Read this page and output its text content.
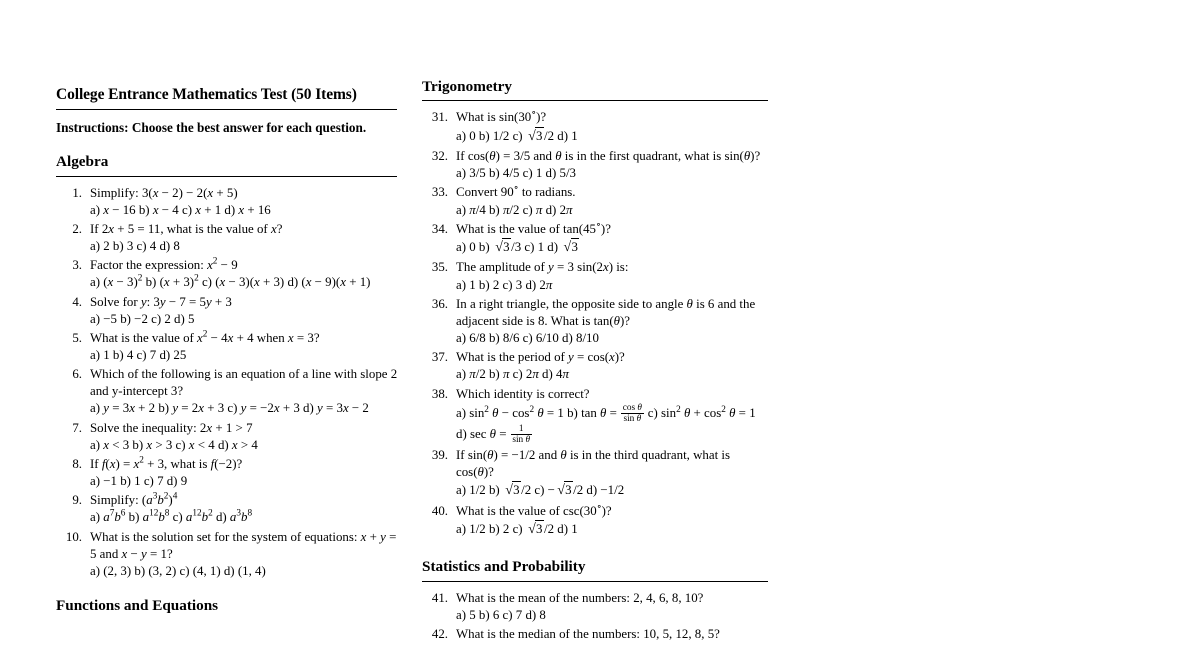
College Entrance Mathematics Test (50 Items)

Instructions: Choose the best answer for each question.

Algebra
1. Simplify: 3(x − 2) − 2(x + 5)
a) x − 16 b) x − 4 c) x + 1 d) x + 16
2. If 2x + 5 = 11, what is the value of x?
a) 2 b) 3 c) 4 d) 8
3. Factor the expression: $x^2 - 9$
a) $(x - 3)^2$ b) $(x + 3)^2$ c) (x − 3)(x + 3) d) (x − 9)(x + 1)
4. Solve for y: 3y − 7 = 5y + 3
a) −5 b) −2 c) 2 d) 5
5. What is the value of $x^2 - 4x + 4$ when x = 3?
a) 1 b) 4 c) 7 d) 25
6. Which of the following is an equation of a line with slope 2 and y-intercept 3?
a) y = 3x + 2 b) y = 2x + 3 c) y = −2x + 3 d) y = 3x − 2
7. Solve the inequality: 2x + 1 > 7
a) x < 3 b) x > 3 c) x < 4 d) x > 4
8. If $f(x) = x^2 + 3$, what is f(−2)?
a) −1 b) 1 c) 7 d) 9
9. Simplify: $(a^3b^2)^4$
a) $a^7b^6$ b) $a^{12}b^8$ c) $a^{12}b^2$ d) $a^3b^8$
10. What is the solution set for the system of equations: x + y = 5 and x − y = 1?
a) (2, 3) b) (3, 2) c) (4, 1) d) (1, 4)
Functions and Equations
Trigonometry
31. What is sin(30∘)?
a) 0 b) 1/2 c) √3 /2 d) 1
32. If cos(θ) = 3/5 and θ is in the first quadrant, what is sin(θ)?
a) 3/5 b) 4/5 c) 1 d) 5/3
33. Convert 90∘ to radians.
a) π/4 b) π/2 c) π d) 2π
34. What is the value of tan(45∘)?
a) 0 b) √3 /3 c) 1 d) √3
35. The amplitude of y = 3 sin(2x) is:
a) 1 b) 2 c) 3 d) 2π
36. In a right triangle, the opposite side to angle θ is 6 and the adjacent side is 8. What is tan(θ)?
a) 6/8 b) 8/6 c) 6/10 d) 8/10
37. What is the period of y = cos(x)?
a) π/2 b) π c) 2π d) 4π
38. Which identity is correct?
a) $\sin^2 \theta - \cos^2 \theta = 1$ b) $\tan \theta = \frac{\text{cos θ}}{\text{sin θ}} c$) $\sin^2 \theta + \cos^2 \theta = 1$ d) $\sec \theta = \frac{1}{\text{sin θ}}$
39. If sin(θ) = −1/2 and θ is in the third quadrant, what is cos(θ)?
a) 1/2 b) √3 /2 c) − √3 /2 d) −1/2
40. What is the value of csc(30∘)?
a) 1/2 b) 2 c) √3 /2 d) 1
Statistics and Probability
41. What is the mean of the numbers: 2, 4, 6, 8, 10?
a) 5 b) 6 c) 7 d) 8
42. What is the median of the numbers: 10, 5, 12, 8, 5?
